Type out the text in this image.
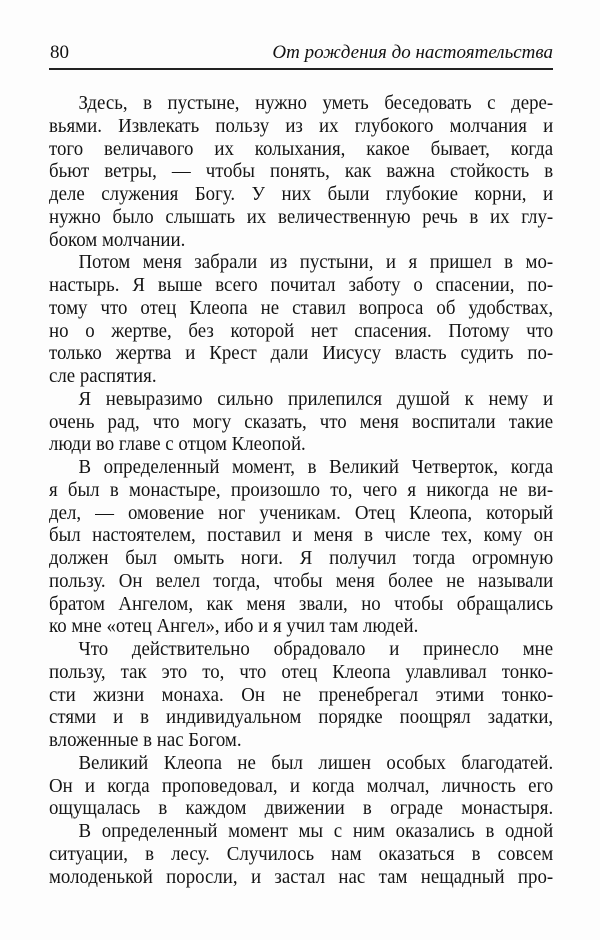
80	От рождения до настоятельства
Здесь, в пустыне, нужно уметь беседовать с дере-
вьями. Извлекать пользу из их глубокого молчания и
того величавого их колыхания, какое бывает, когда
бьют ветры, — чтобы понять, как важна стойкость в
деле служения Богу. У них были глубокие корни, и
нужно было слышать их величественную речь в их глу-
боком молчании.
Потом меня забрали из пустыни, и я пришел в мо-
настырь. Я выше всего почитал заботу о спасении, по-
тому что отец Клеопа не ставил вопроса об удобствах,
но о жертве, без которой нет спасения. Потому что
только жертва и Крест дали Иисусу власть судить по-
сле распятия.
Я невыразимо сильно прилепился душой к нему и
очень рад, что могу сказать, что меня воспитали такие
люди во главе с отцом Клеопой.
В определенный момент, в Великий Четверток, когда
я был в монастыре, произошло то, чего я никогда не ви-
дел, — омовение ног ученикам. Отец Клеопа, который
был настоятелем, поставил и меня в числе тех, кому он
должен был омыть ноги. Я получил тогда огромную
пользу. Он велел тогда, чтобы меня более не называли
братом Ангелом, как меня звали, но чтобы обращались
ко мне «отец Ангел», ибо и я учил там людей.
Что действительно обрадовало и принесло мне
пользу, так это то, что отец Клеопа улавливал тонко-
сти жизни монаха. Он не пренебрегал этими тонко-
стями и в индивидуальном порядке поощрял задатки,
вложенные в нас Богом.
Великий Клеопа не был лишен особых благодатей.
Он и когда проповедовал, и когда молчал, личность его
ощущалась в каждом движении в ограде монастыря.
В определенный момент мы с ним оказались в одной
ситуации, в лесу. Случилось нам оказаться в совсем
молоденькой поросли, и застал нас там нещадный про-
